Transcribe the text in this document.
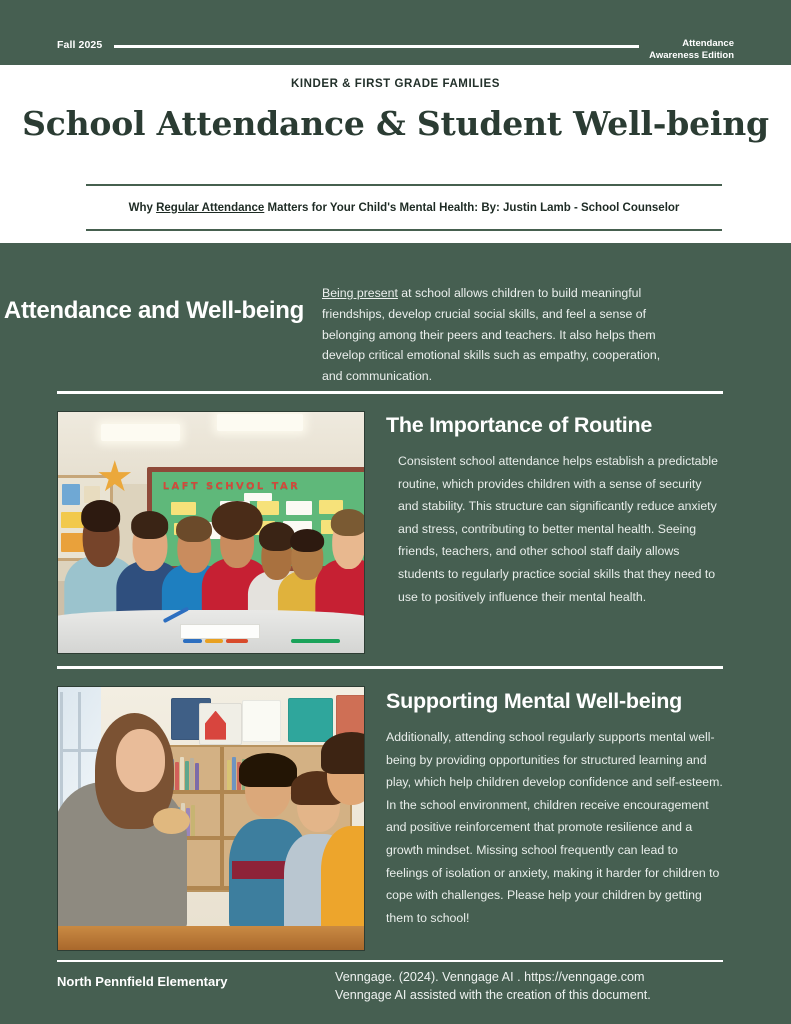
Fall 2025	Attendance
Awareness Edition
KINDER & FIRST GRADE FAMILIES
School Attendance & Student Well-being
Why Regular Attendance Matters for Your Child's Mental Health: By: Justin Lamb - School Counselor
Attendance and Well-being
Being present at school allows children to build meaningful friendships, develop crucial social skills, and feel a sense of belonging among their peers and teachers. It also helps them develop critical emotional skills such as empathy, cooperation, and communication.
LAFT SCHVOL TAR
The Importance of Routine
Consistent school attendance helps establish a predictable routine, which provides children with a sense of security and stability. This structure can significantly reduce anxiety and stress, contributing to better mental health. Seeing friends, teachers, and other school staff daily allows students to regularly practice social skills that they need to use to positively influence their mental health.
Supporting Mental Well-being
Additionally, attending school regularly supports mental well-being by providing opportunities for structured learning and play, which help children develop confidence and self-esteem. In the school environment, children receive encouragement and positive reinforcement that promote resilience and a growth mindset. Missing school frequently can lead to feelings of isolation or anxiety, making it harder for children to cope with challenges. Please help your children by getting them to school!
North Pennfield Elementary	Venngage. (2024). Venngage AI . https://venngage.com
Venngage AI assisted with the creation of this document.
